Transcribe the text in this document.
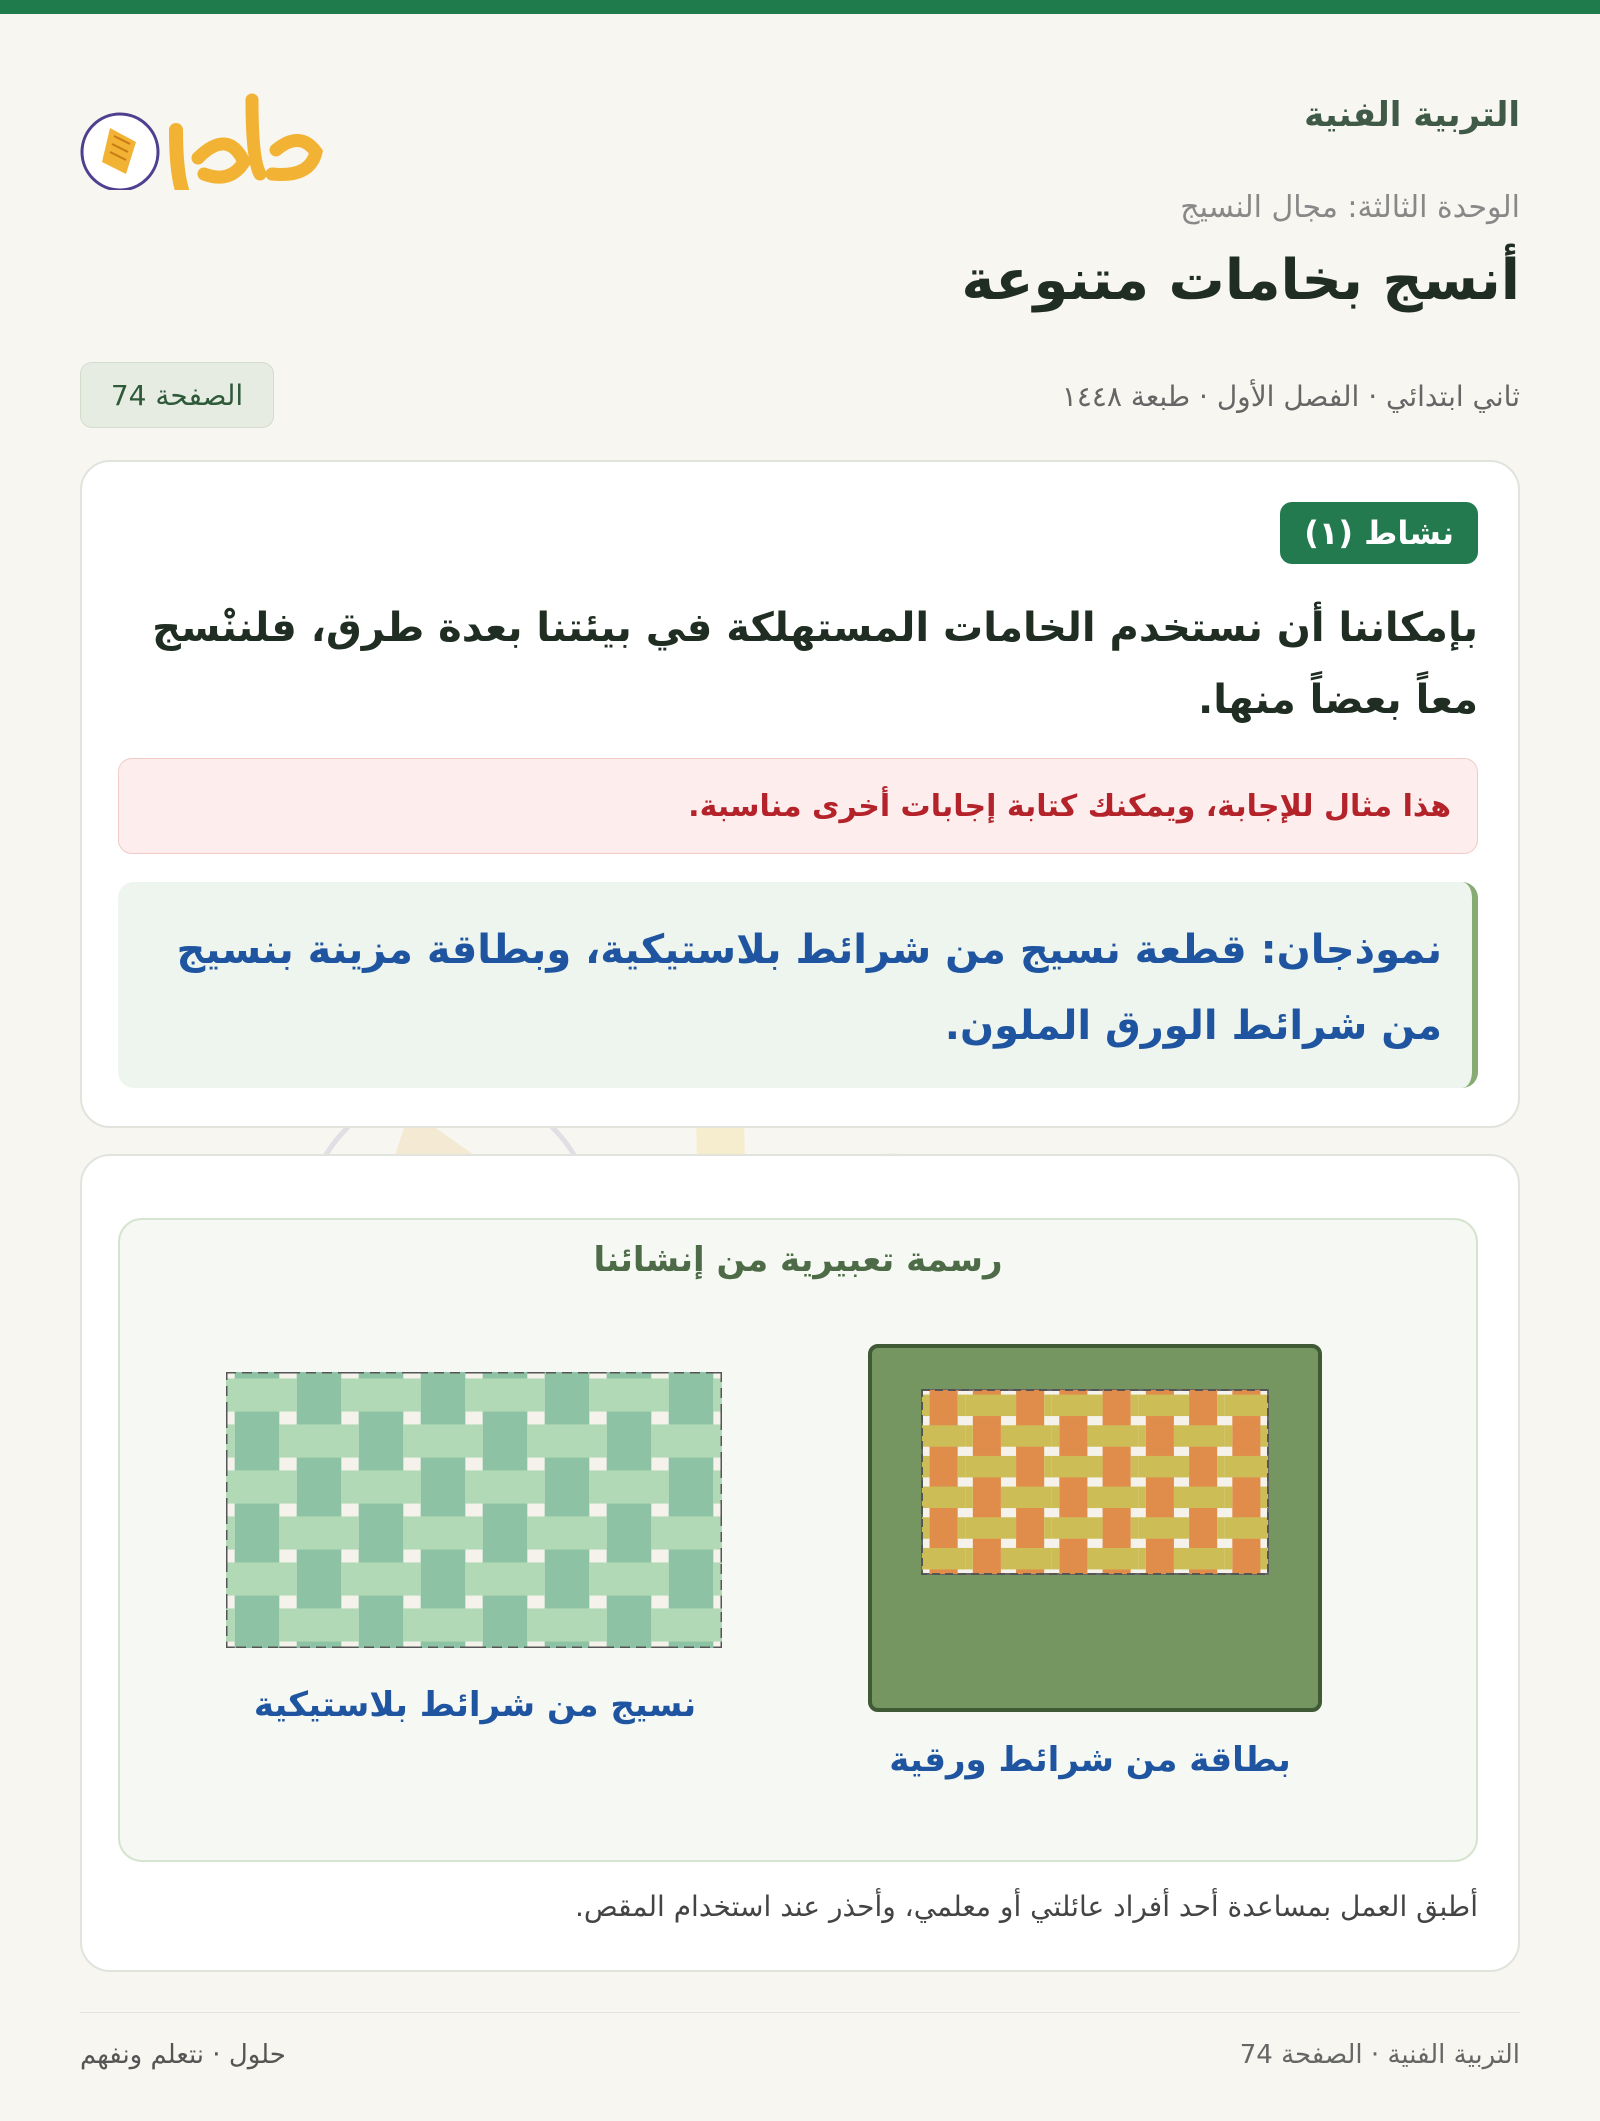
التربية الفنية
الوحدة الثالثة: مجال النسيج
أنسج بخامات متنوعة
ثاني ابتدائي · الفصل الأول · طبعة ١٤٤٨
الصفحة 74
نشاط (١)
بإمكاننا أن نستخدم الخامات المستهلكة في بيئتنا بعدة طرق، فلننْسج معاً بعضاً منها.
هذا مثال للإجابة، ويمكنك كتابة إجابات أخرى مناسبة.
نموذجان: قطعة نسيج من شرائط بلاستيكية، وبطاقة مزينة بنسيج من شرائط الورق الملون.
رسمة تعبيرية من إنشائنا
نسيج من شرائط بلاستيكية
بطاقة من شرائط ورقية
أطبق العمل بمساعدة أحد أفراد عائلتي أو معلمي، وأحذر عند استخدام المقص.
التربية الفنية · الصفحة 74
حلول · نتعلم ونفهم
